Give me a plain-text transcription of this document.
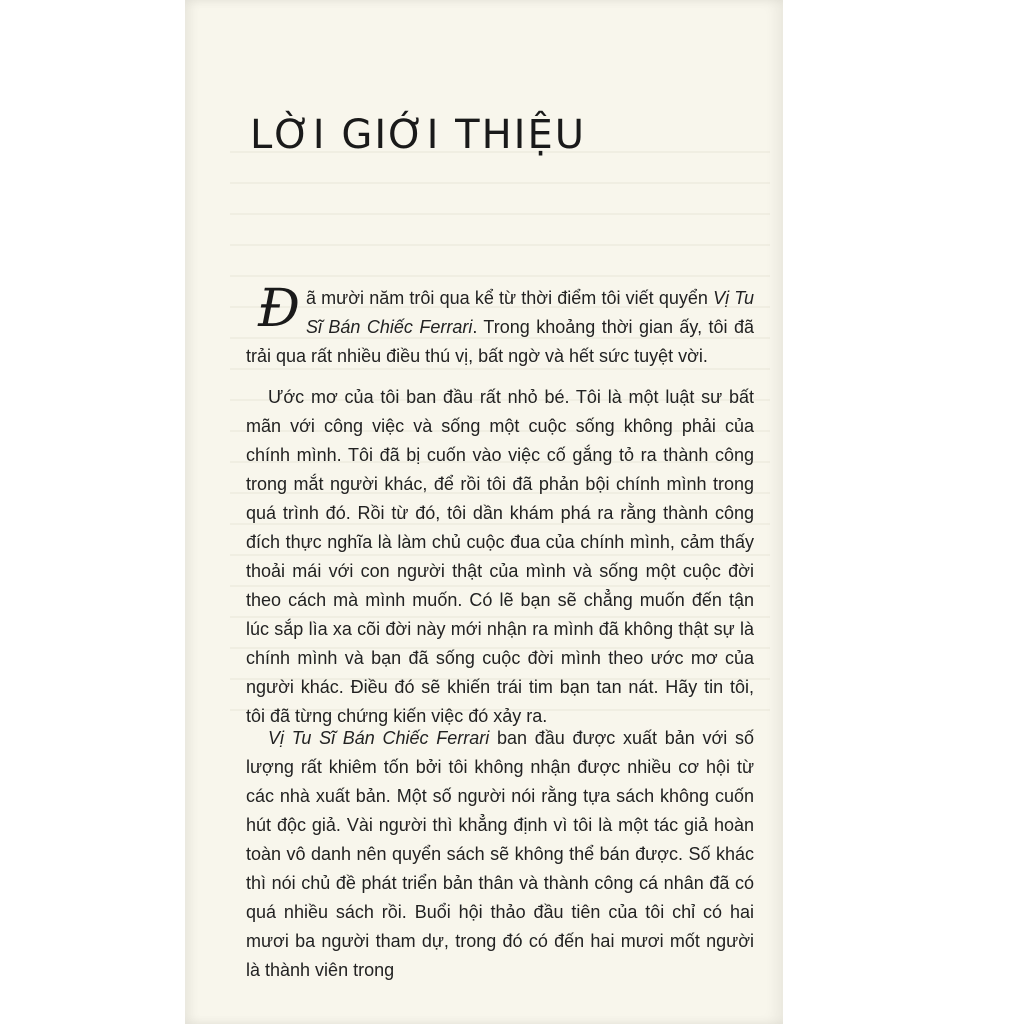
LỜI GIỚI THIỆU

Đã mười năm trôi qua kể từ thời điểm tôi viết quyển Vị Tu Sĩ Bán Chiếc Ferrari. Trong khoảng thời gian ấy, tôi đã trải qua rất nhiều điều thú vị, bất ngờ và hết sức tuyệt vời.

Ước mơ của tôi ban đầu rất nhỏ bé. Tôi là một luật sư bất mãn với công việc và sống một cuộc sống không phải của chính mình. Tôi đã bị cuốn vào việc cố gắng tỏ ra thành công trong mắt người khác, để rồi tôi đã phản bội chính mình trong quá trình đó. Rồi từ đó, tôi dần khám phá ra rằng thành công đích thực nghĩa là làm chủ cuộc đua của chính mình, cảm thấy thoải mái với con người thật của mình và sống một cuộc đời theo cách mà mình muốn. Có lẽ bạn sẽ chẳng muốn đến tận lúc sắp lìa xa cõi đời này mới nhận ra mình đã không thật sự là chính mình và bạn đã sống cuộc đời mình theo ước mơ của người khác. Điều đó sẽ khiến trái tim bạn tan nát. Hãy tin tôi, tôi đã từng chứng kiến việc đó xảy ra.

Vị Tu Sĩ Bán Chiếc Ferrari ban đầu được xuất bản với số lượng rất khiêm tốn bởi tôi không nhận được nhiều cơ hội từ các nhà xuất bản. Một số người nói rằng tựa sách không cuốn hút độc giả. Vài người thì khẳng định vì tôi là một tác giả hoàn toàn vô danh nên quyển sách sẽ không thể bán được. Số khác thì nói chủ đề phát triển bản thân và thành công cá nhân đã có quá nhiều sách rồi. Buổi hội thảo đầu tiên của tôi chỉ có hai mươi ba người tham dự, trong đó có đến hai mươi mốt người là thành viên trong
